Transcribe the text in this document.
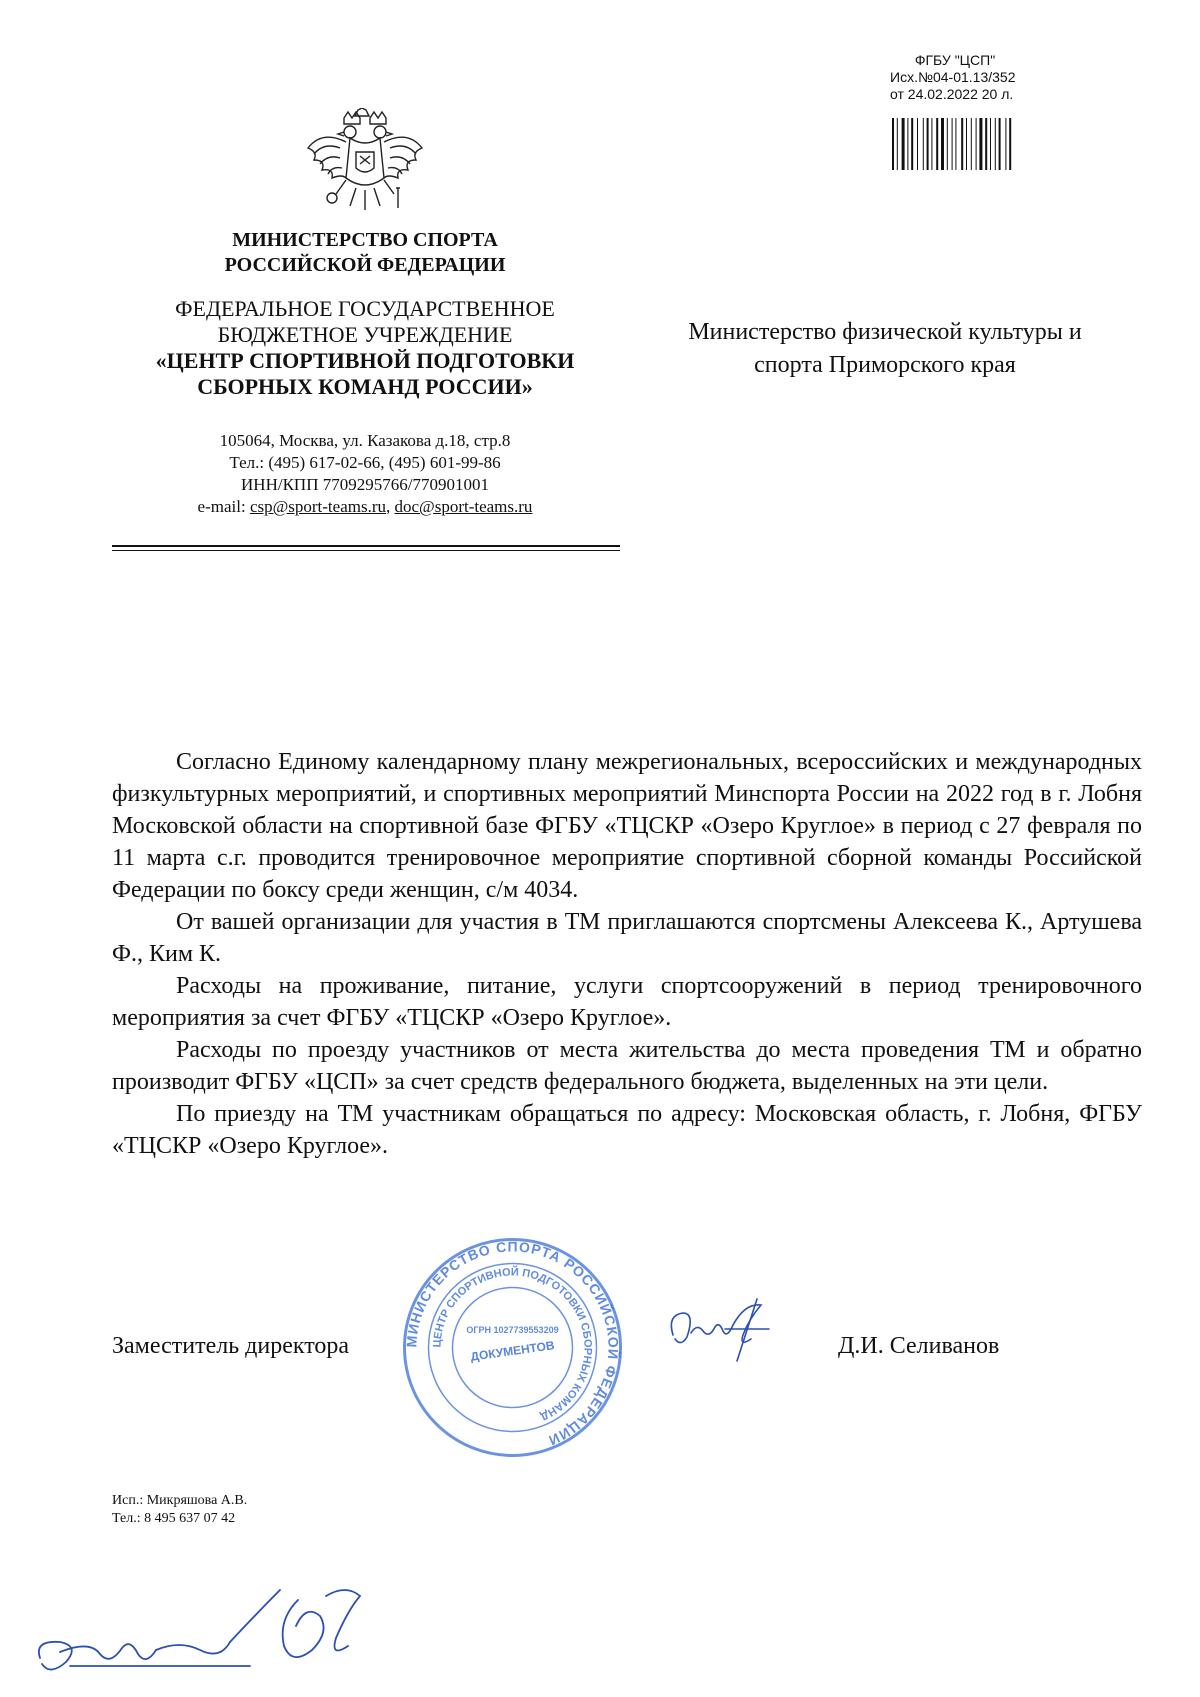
ФГБУ "ЦСП"
Исх.№04-01.13/352
от 24.02.2022 20 л.
МИНИСТЕРСТВО СПОРТА
РОССИЙСКОЙ ФЕДЕРАЦИИ
ФЕДЕРАЛЬНОЕ ГОСУДАРСТВЕННОЕ
БЮДЖЕТНОЕ УЧРЕЖДЕНИЕ
«ЦЕНТР СПОРТИВНОЙ ПОДГОТОВКИ
СБОРНЫХ КОМАНД РОССИИ»
105064, Москва, ул. Казакова д.18, стр.8
Тел.: (495) 617-02-66, (495) 601-99-86
ИНН/КПП 7709295766/770901001
e-mail: csp@sport-teams.ru, doc@sport-teams.ru
Министерство физической культуры и
спорта Приморского края

Согласно Единому календарному плану межрегиональных, всероссийских и международных физкультурных мероприятий, и спортивных мероприятий Минспорта России на 2022 год в г. Лобня Московской области на спортивной базе ФГБУ «ТЦСКР «Озеро Круглое» в период с 27 февраля по 11 марта с.г. проводится тренировочное мероприятие спортивной сборной команды Российской Федерации по боксу среди женщин, с/м 4034.

От вашей организации для участия в ТМ приглашаются спортсмены Алексеева К., Артушева Ф., Ким К.

Расходы на проживание, питание, услуги спортсооружений в период тренировочного мероприятия за счет ФГБУ «ТЦСКР «Озеро Круглое».

Расходы по проезду участников от места жительства до места проведения ТМ и обратно производит ФГБУ «ЦСП» за счет средств федерального бюджета, выделенных на эти цели.

По приезду на ТМ участникам обращаться по адресу: Московская область, г. Лобня, ФГБУ «ТЦСКР «Озеро Круглое».

МИНИСТЕРСТВО СПОРТА РОССИЙСКОЙ ФЕДЕРАЦИИ
ЦЕНТР СПОРТИВНОЙ ПОДГОТОВКИ СБОРНЫХ КОМАНД
ОГРН 1027739553209
ДОКУМЕНТОВ
Заместитель директора	Д.И. Селиванов
Исп.: Микряшова А.В.
Тел.: 8 495 637 07 42
